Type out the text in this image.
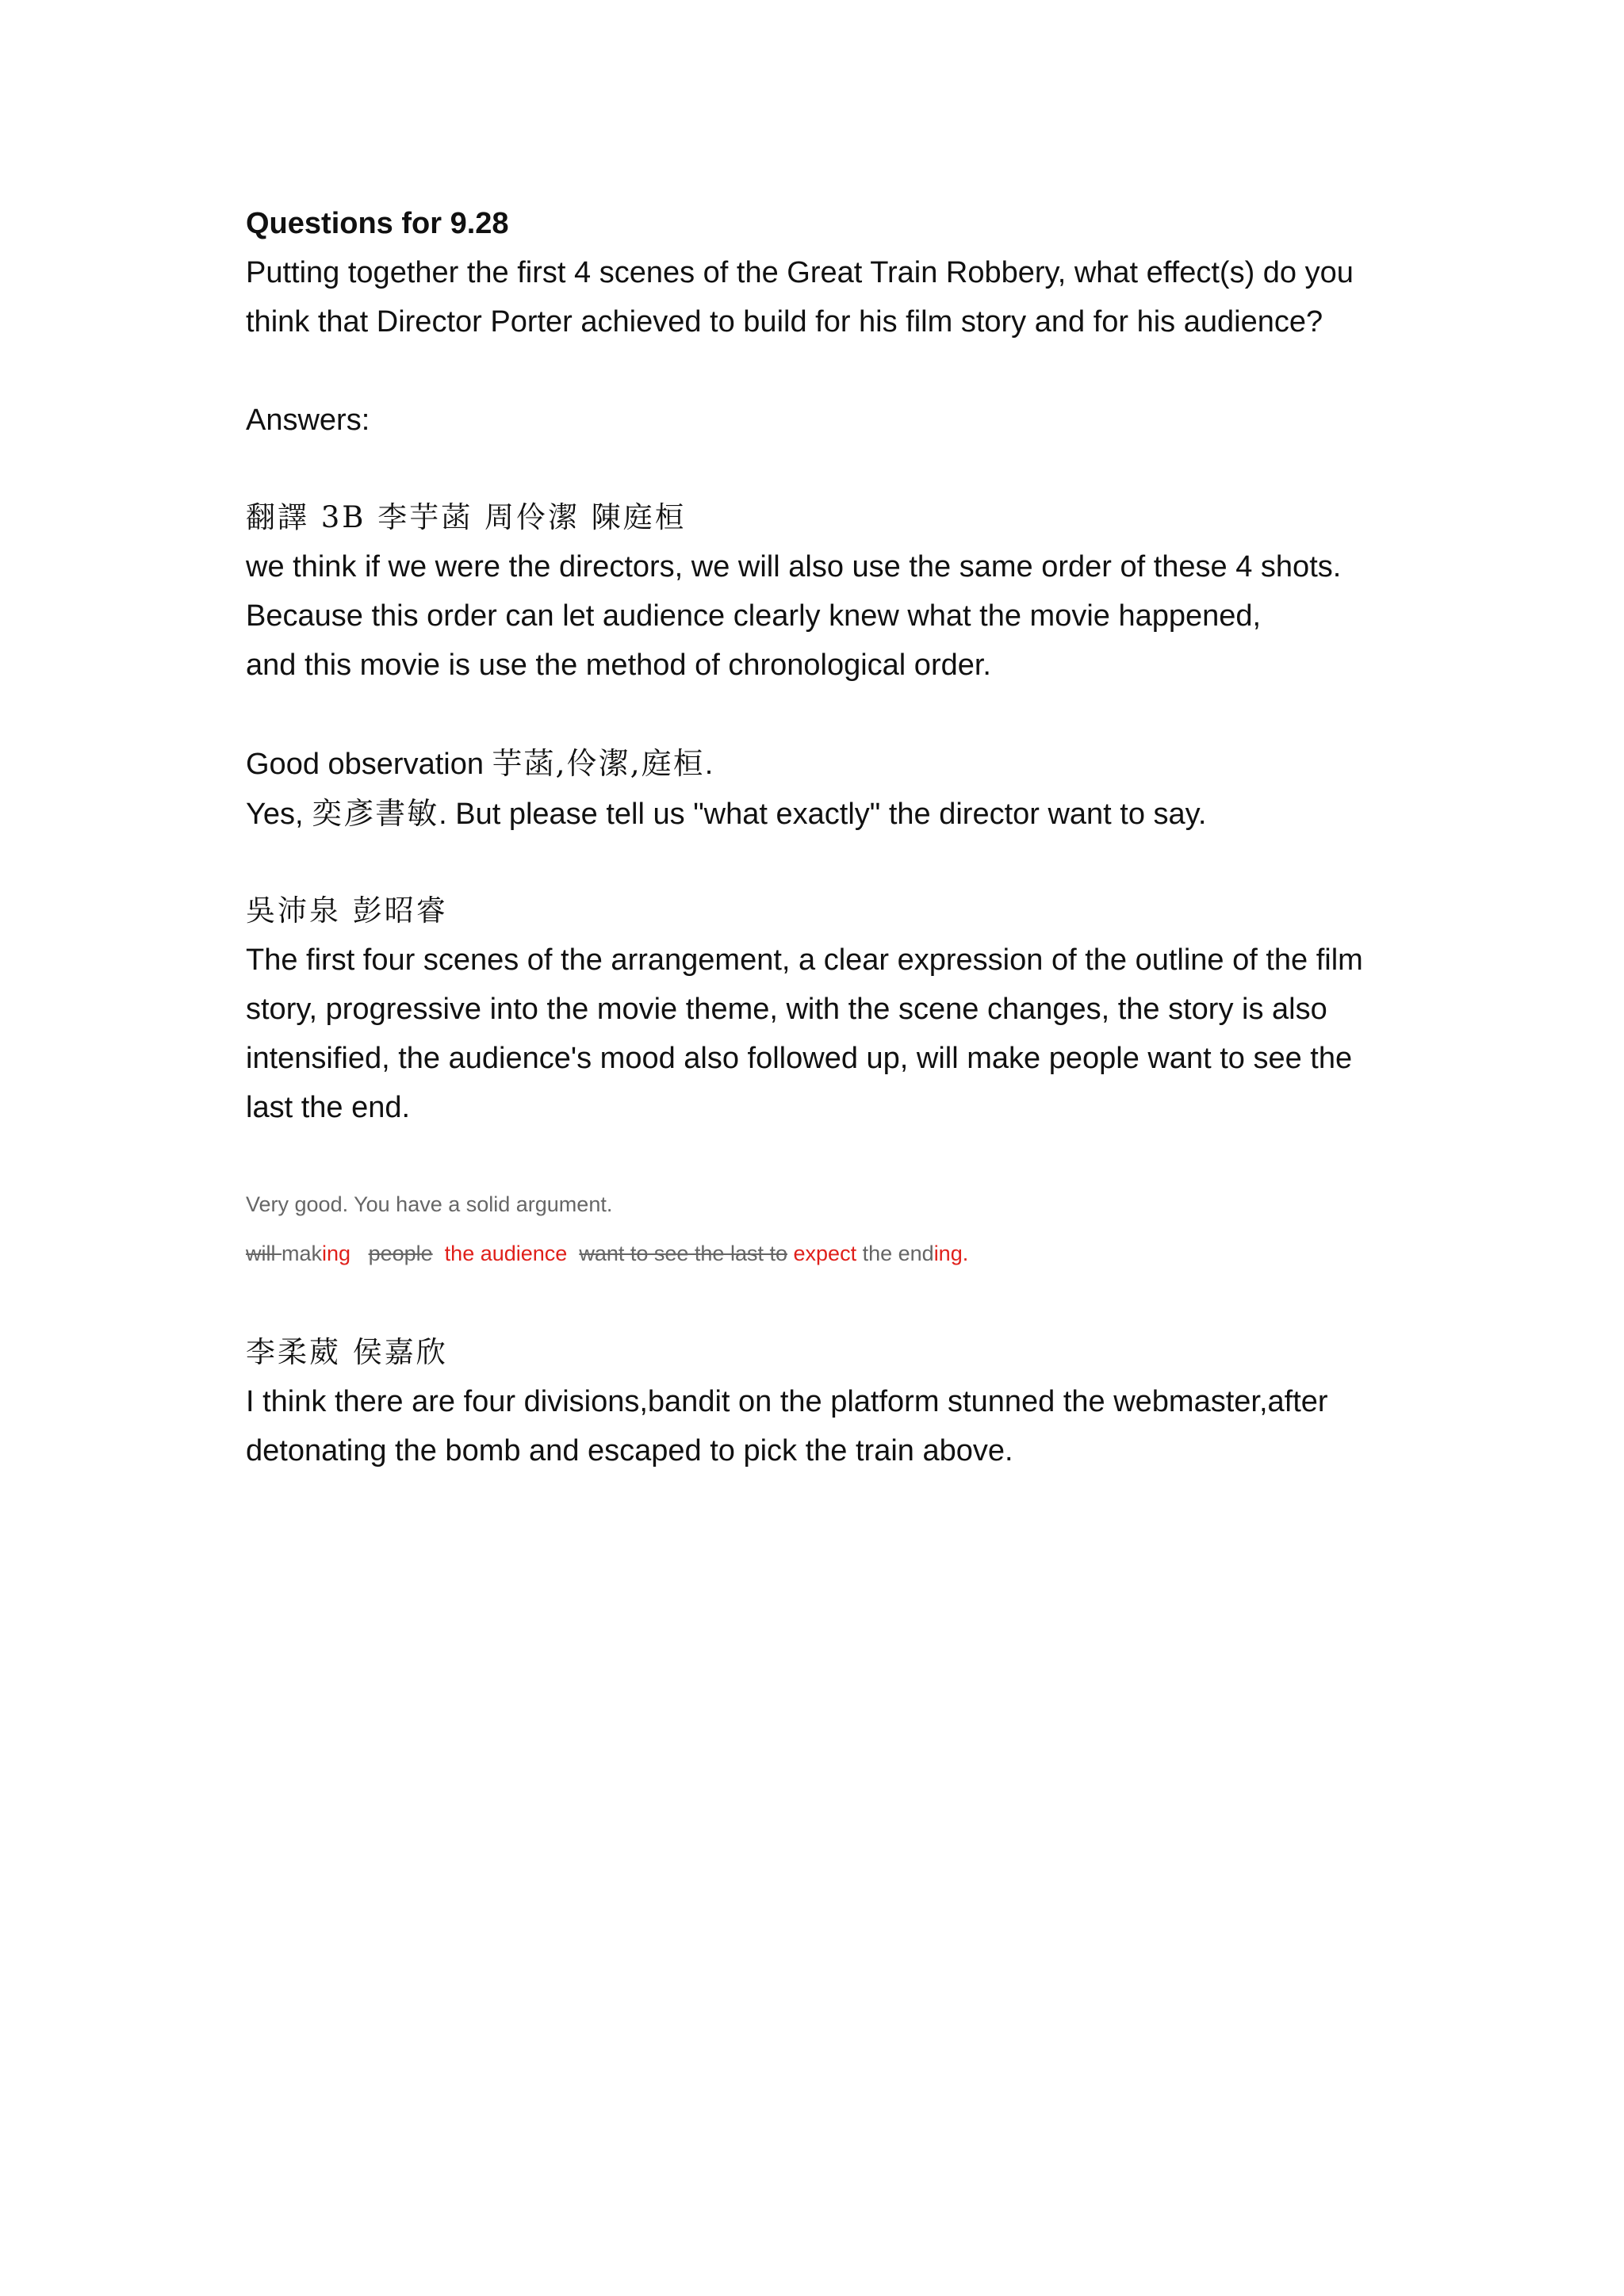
Questions for 9.28
Putting together the first 4 scenes of the Great Train Robbery, what effect(s) do you
think that Director Porter achieved to build for his film story and for his audience?
Answers:
翻譯 3B 李芋菡 周伶潔 陳庭桓
we think if we were the directors, we will also use the same order of these 4 shots.
Because this order can let audience clearly knew what the movie happened,
and this movie is use the method of chronological order.
Good observation 芋菡,伶潔,庭桓.
Yes, 奕彥書敏. But please tell us "what exactly" the director want to say.
吳沛泉 彭昭睿
The first four scenes of the arrangement, a clear expression of the outline of the film
story, progressive into the movie theme, with the scene changes, the story is also
intensified, the audience's mood also followed up, will make people want to see the
last the end.
Very good. You have a solid argument.
will making people the audience want to see the last to expect the ending.
李柔葳 侯嘉欣
I think there are four divisions,bandit on the platform stunned the webmaster,after
detonating the bomb and escaped to pick the train above.
